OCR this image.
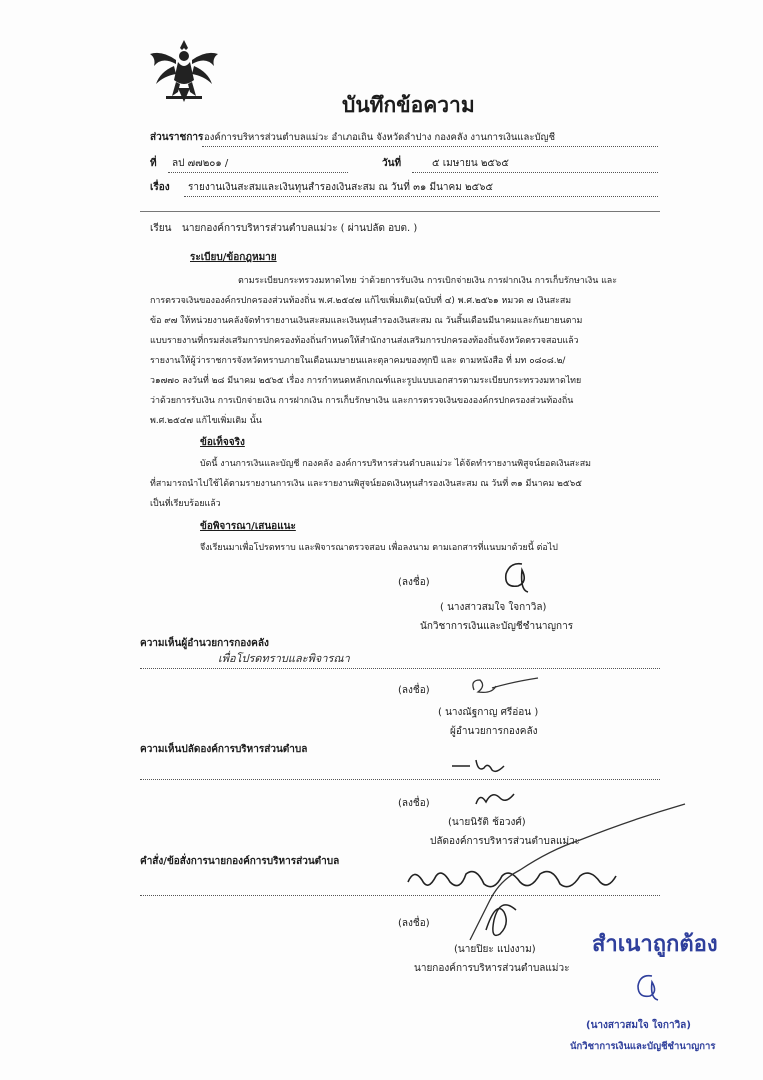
บันทึกข้อความ
ส่วนราชการ องค์การบริหารส่วนตำบลแม่วะ อำเภอเถิน จังหวัดลำปาง กองคลัง งานการเงินและบัญชี
ที่ ลป ๗๗๒๐๑ /	วันที่	๕ เมษายน ๒๕๖๕
เรื่อง รายงานเงินสะสมและเงินทุนสำรองเงินสะสม ณ วันที่ ๓๑ มีนาคม ๒๕๖๕
เรียน นายกองค์การบริหารส่วนตำบลแม่วะ ( ผ่านปลัด อบต. )
ระเบียบ/ข้อกฎหมาย
ตามระเบียบกระทรวงมหาดไทย ว่าด้วยการรับเงิน การเบิกจ่ายเงิน การฝากเงิน การเก็บรักษาเงิน และ
การตรวจเงินขององค์กรปกครองส่วนท้องถิ่น พ.ศ.๒๕๔๗ แก้ไขเพิ่มเติม(ฉบับที่ ๔) พ.ศ.๒๕๖๑ หมวด ๗ เงินสะสม
ข้อ ๙๗ ให้หน่วยงานคลังจัดทำรายงานเงินสะสมและเงินทุนสำรองเงินสะสม ณ วันสิ้นเดือนมีนาคมและกันยายนตาม
แบบรายงานที่กรมส่งเสริมการปกครองท้องถิ่นกำหนดให้สำนักงานส่งเสริมการปกครองท้องถิ่นจังหวัดตรวจสอบแล้ว
รายงานให้ผู้ว่าราชการจังหวัดทราบภายในเดือนเมษายนและตุลาคมของทุกปี และ ตามหนังสือ ที่ มท ๐๘๐๘.๒/
ว๑๗๗๐ ลงวันที่ ๒๘ มีนาคม ๒๕๖๕ เรื่อง การกำหนดหลักเกณฑ์และรูปแบบเอกสารตามระเบียบกระทรวงมหาดไทย
ว่าด้วยการรับเงิน การเบิกจ่ายเงิน การฝากเงิน การเก็บรักษาเงิน และการตรวจเงินขององค์กรปกครองส่วนท้องถิ่น
พ.ศ.๒๕๔๗ แก้ไขเพิ่มเติม นั้น
ข้อเท็จจริง
บัดนี้ งานการเงินและบัญชี กองคลัง องค์การบริหารส่วนตำบลแม่วะ ได้จัดทำรายงานพิสูจน์ยอดเงินสะสม
ที่สามารถนำไปใช้ได้ตามรายงานการเงิน และรายงานพิสูจน์ยอดเงินทุนสำรองเงินสะสม ณ วันที่ ๓๑ มีนาคม ๒๕๖๕
เป็นที่เรียบร้อยแล้ว
ข้อพิจารณา/เสนอแนะ
จึงเรียนมาเพื่อโปรดทราบ และพิจารณาตรวจสอบ เพื่อลงนาม ตามเอกสารที่แนบมาด้วยนี้ ต่อไป
(ลงชื่อ)
( นางสาวสมใจ ใจกาวิล)
นักวิชาการเงินและบัญชีชำนาญการ
ความเห็นผู้อำนวยการกองคลัง
เพื่อโปรดทราบและพิจารณา
(ลงชื่อ)
( นางณัฐกาญ ศรีอ่อน )
ผู้อำนวยการกองคลัง
ความเห็นปลัดองค์การบริหารส่วนตำบล
(ลงชื่อ)
(นายนิรัติ ช้อวงศ์)
ปลัดองค์การบริหารส่วนตำบลแม่วะ
คำสั่ง/ข้อสั่งการนายกองค์การบริหารส่วนตำบล
(ลงชื่อ)
(นายปิยะ แปงงาม)
นายกองค์การบริหารส่วนตำบลแม่วะ
สำเนาถูกต้อง
(นางสาวสมใจ ใจกาวิล)
นักวิชาการเงินและบัญชีชำนาญการ
